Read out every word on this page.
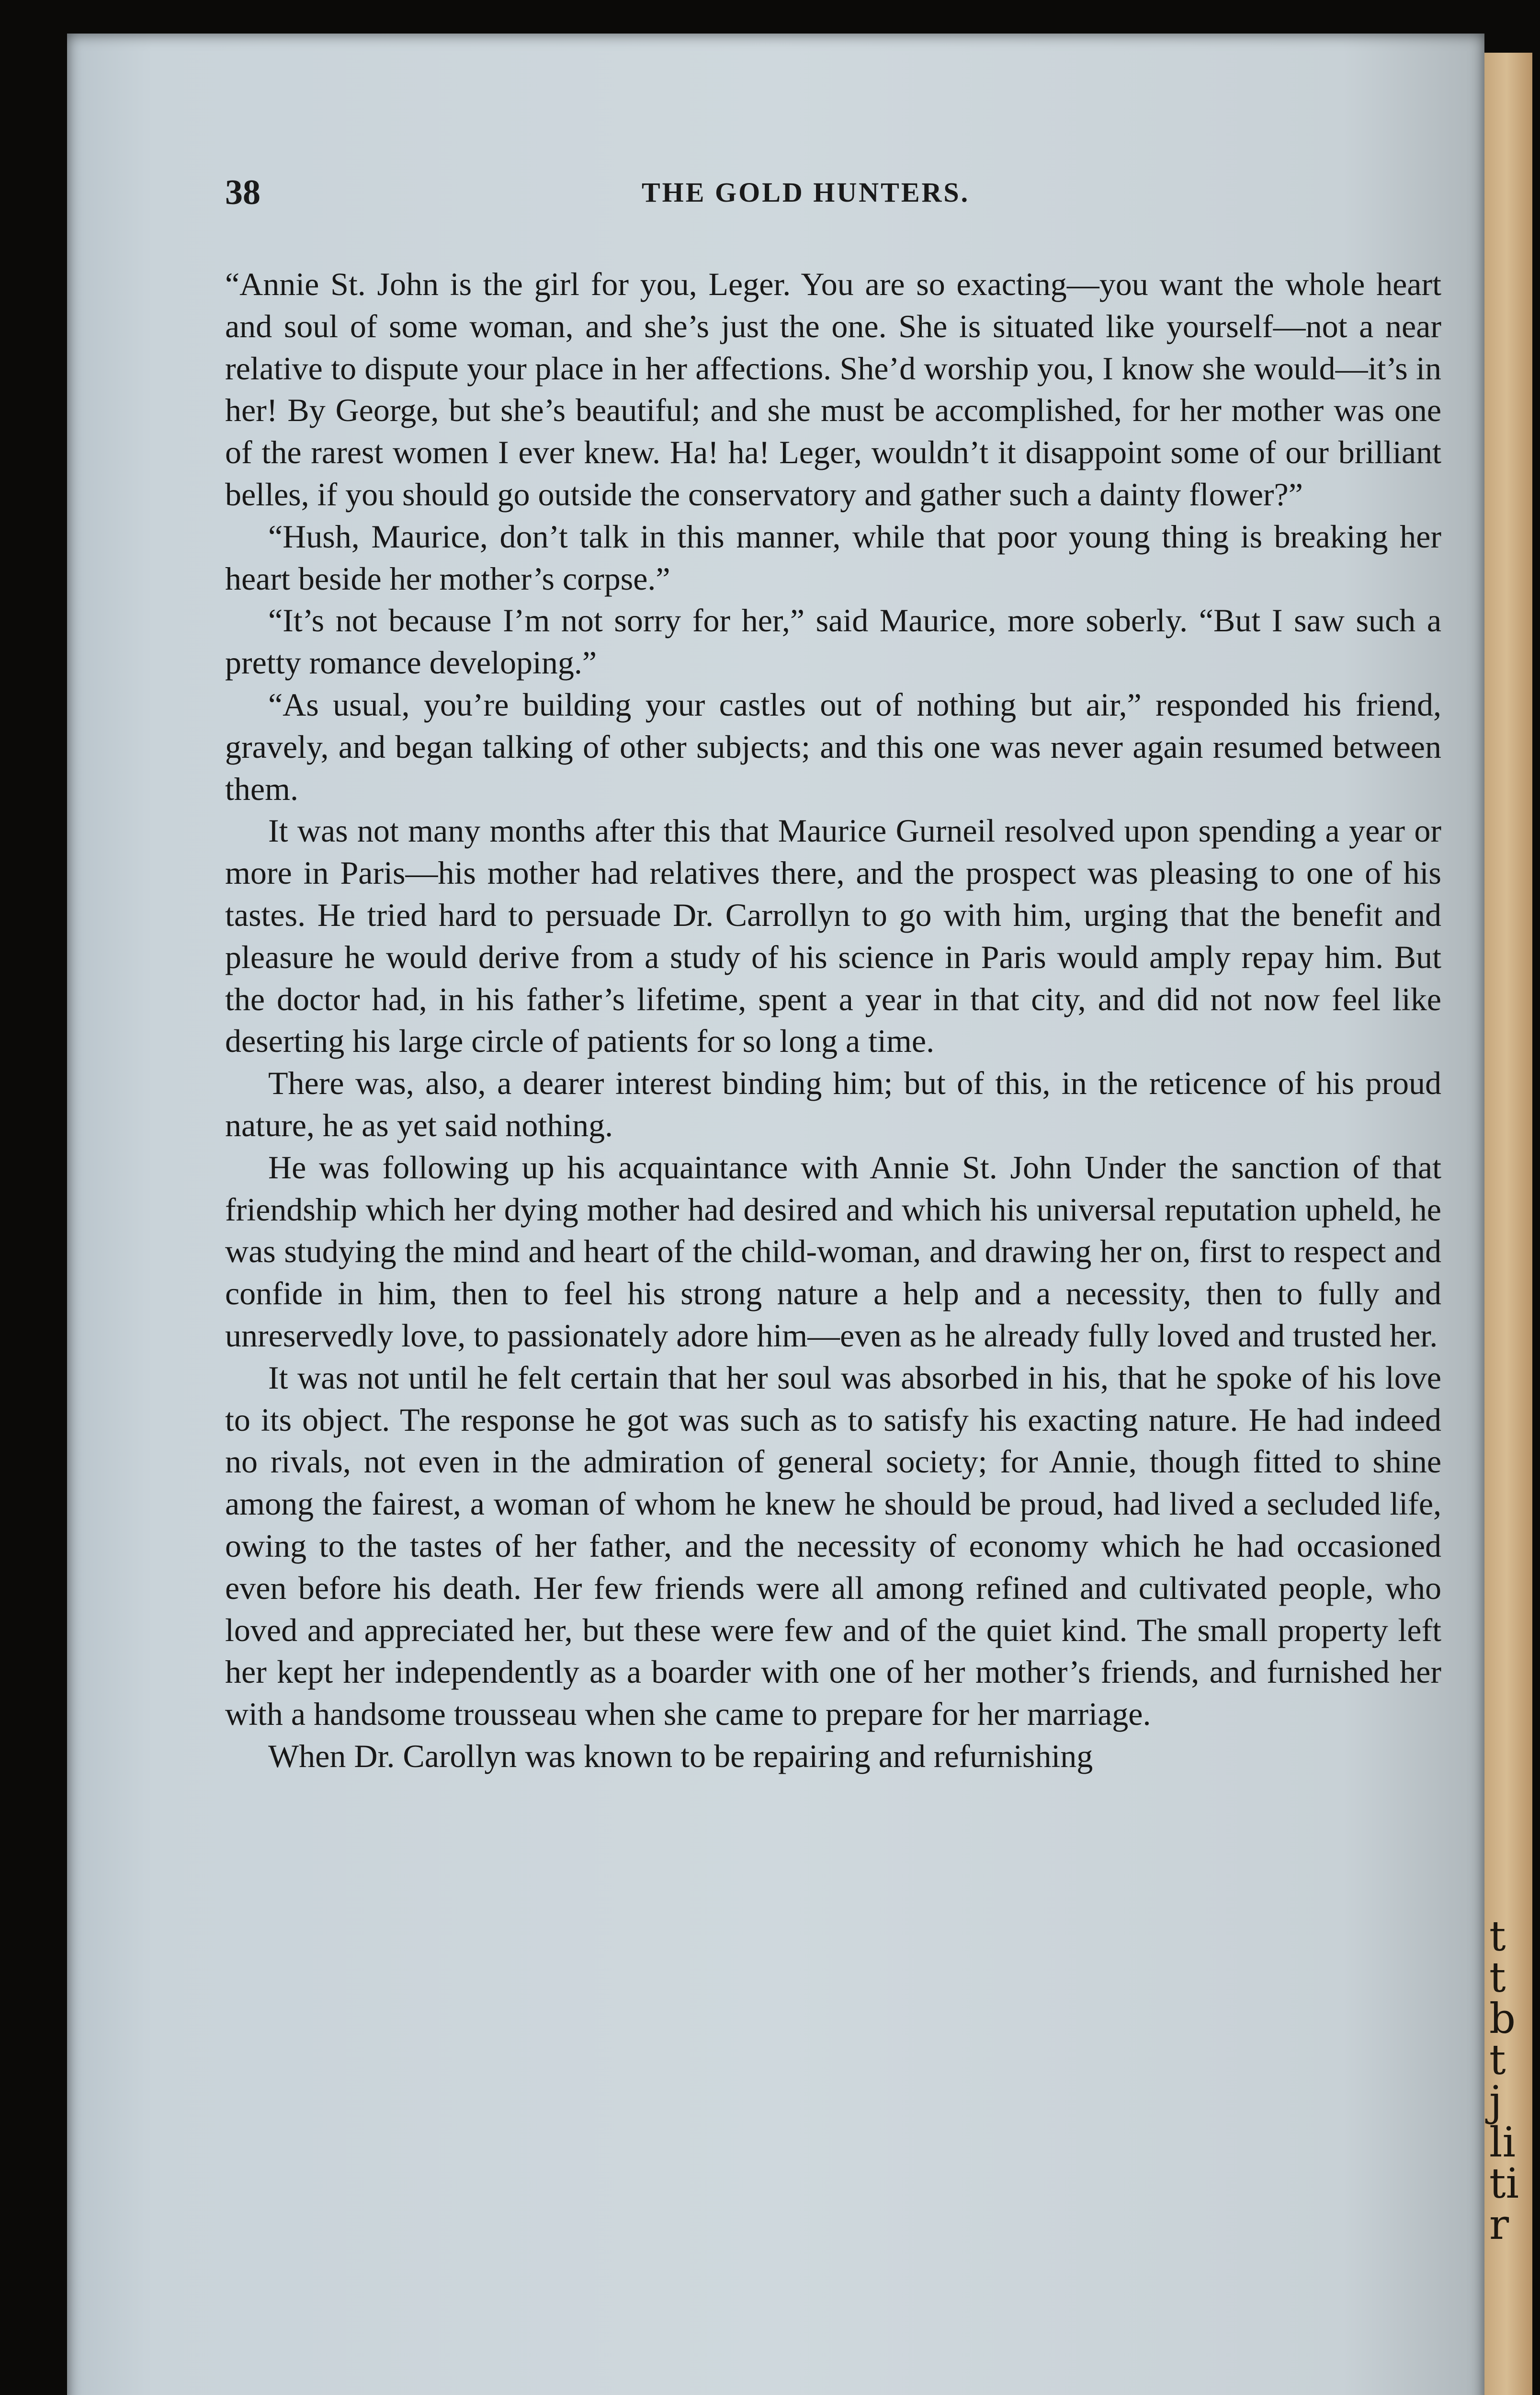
t
t
b
t
j
li
ti
r
38	THE GOLD HUNTERS.

“Annie St. John is the girl for you, Leger. You are so exacting—you want the whole heart and soul of some woman, and she’s just the one. She is situated like yourself—not a near relative to dispute your place in her affections. She’d worship you, I know she would—it’s in her! By George, but she’s beautiful; and she must be accomplished, for her mother was one of the rarest women I ever knew. Ha! ha! Leger, wouldn’t it disappoint some of our brilliant belles, if you should go outside the conservatory and gather such a dainty flower?”

“Hush, Maurice, don’t talk in this manner, while that poor young thing is breaking her heart beside her mother’s corpse.”

“It’s not because I’m not sorry for her,” said Maurice, more soberly. “But I saw such a pretty romance developing.”

“As usual, you’re building your castles out of nothing but air,” responded his friend, gravely, and began talking of other subjects; and this one was never again resumed between them.

It was not many months after this that Maurice Gurneil resolved upon spending a year or more in Paris—his mother had relatives there, and the prospect was pleasing to one of his tastes. He tried hard to persuade Dr. Carrollyn to go with him, urging that the benefit and pleasure he would derive from a study of his science in Paris would amply repay him. But the doctor had, in his father’s lifetime, spent a year in that city, and did not now feel like deserting his large circle of patients for so long a time.

There was, also, a dearer interest binding him; but of this, in the reticence of his proud nature, he as yet said nothing.

He was following up his acquaintance with Annie St. John Under the sanction of that friendship which her dying mother had desired and which his universal reputation upheld, he was studying the mind and heart of the child-woman, and drawing her on, first to respect and confide in him, then to feel his strong nature a help and a necessity, then to fully and unreservedly love, to passionately adore him—even as he already fully loved and trusted her.

It was not until he felt certain that her soul was absorbed in his, that he spoke of his love to its object. The response he got was such as to satisfy his exacting nature. He had indeed no rivals, not even in the admiration of general society; for Annie, though fitted to shine among the fairest, a woman of whom he knew he should be proud, had lived a secluded life, owing to the tastes of her father, and the necessity of economy which he had occasioned even before his death. Her few friends were all among refined and cultivated people, who loved and appreciated her, but these were few and of the quiet kind. The small property left her kept her independently as a boarder with one of her mother’s friends, and furnished her with a handsome trousseau when she came to prepare for her marriage.

When Dr. Carollyn was known to be repairing and refurnishing
